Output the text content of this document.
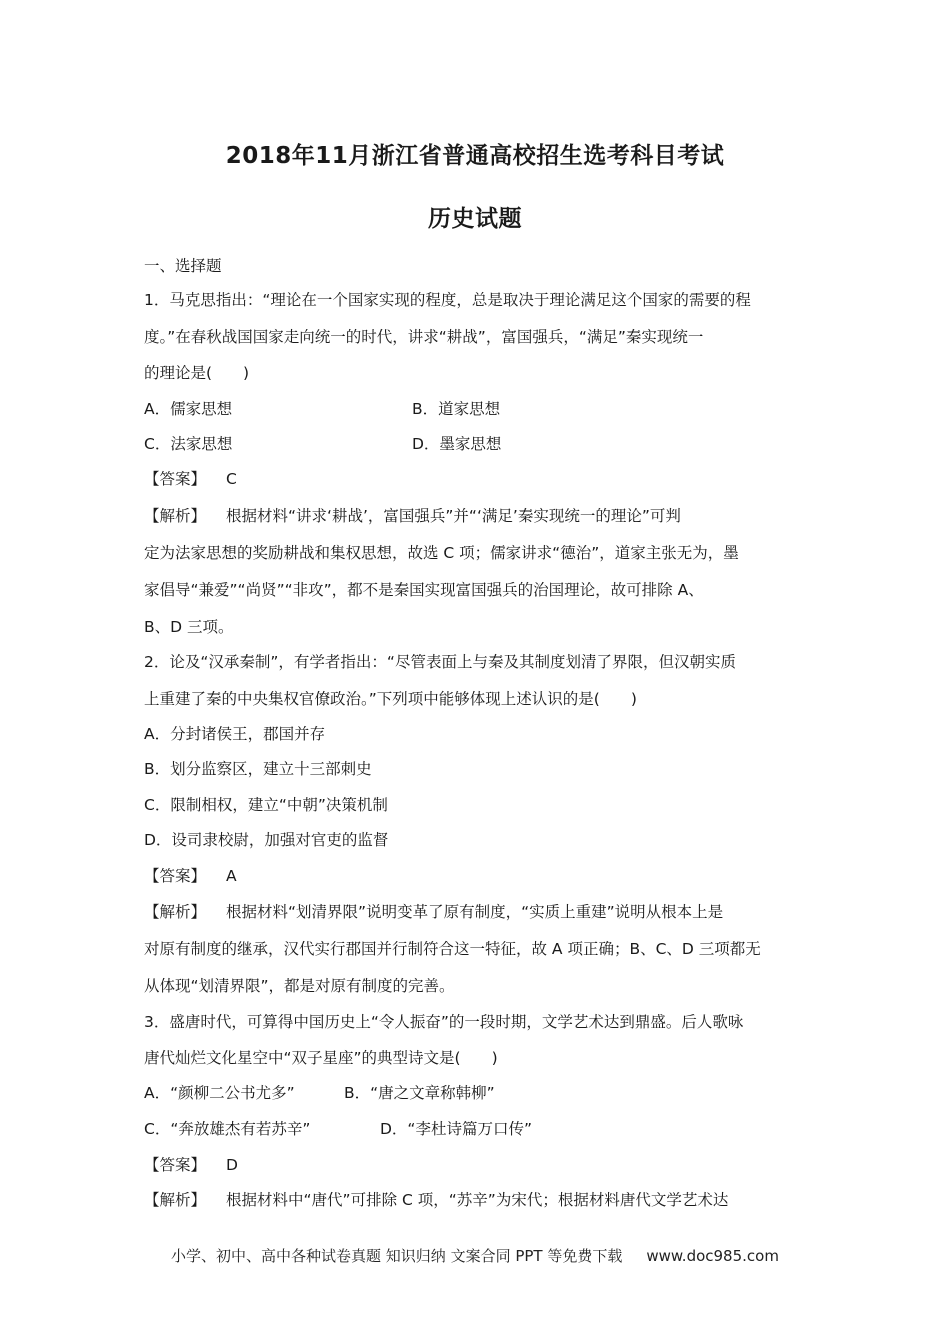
2018年11月浙江省普通高校招生选考科目考试
历史试题
一、选择题
1．马克思指出：“理论在一个国家实现的程度，总是取决于理论满足这个国家的需要的程
度。”在春秋战国国家走向统一的时代，讲求“耕战”，富国强兵，“满足”秦实现统一
的理论是(　　)
A．儒家思想	B．道家思想
C．法家思想	D．墨家思想
【答案】 C
【解析】 根据材料“讲求‘耕战’，富国强兵”并“‘满足’秦实现统一的理论”可判
定为法家思想的奖励耕战和集权思想，故选 C 项；儒家讲求“德治”，道家主张无为，墨
家倡导“兼爱”“尚贤”“非攻”，都不是秦国实现富国强兵的治国理论，故可排除 A、
B、D 三项。
2．论及“汉承秦制”，有学者指出：“尽管表面上与秦及其制度划清了界限，但汉朝实质
上重建了秦的中央集权官僚政治。”下列项中能够体现上述认识的是(　　)
A．分封诸侯王，郡国并存
B．划分监察区，建立十三部刺史
C．限制相权，建立“中朝”决策机制
D．设司隶校尉，加强对官吏的监督
【答案】 A
【解析】 根据材料“划清界限”说明变革了原有制度，“实质上重建”说明从根本上是
对原有制度的继承，汉代实行郡国并行制符合这一特征，故 A 项正确；B、C、D 三项都无
从体现“划清界限”，都是对原有制度的完善。
3．盛唐时代，可算得中国历史上“令人振奋”的一段时期，文学艺术达到鼎盛。后人歌咏
唐代灿烂文化星空中“双子星座”的典型诗文是(　　)
A．“颜柳二公书尤多”	B．“唐之文章称韩柳”
C．“奔放雄杰有若苏辛”	D．“李杜诗篇万口传”
【答案】 D
【解析】 根据材料中“唐代”可排除 C 项，“苏辛”为宋代；根据材料唐代文学艺术达
小学、初中、高中各种试卷真题 知识归纳 文案合同 PPT 等免费下载 www.doc985.com
